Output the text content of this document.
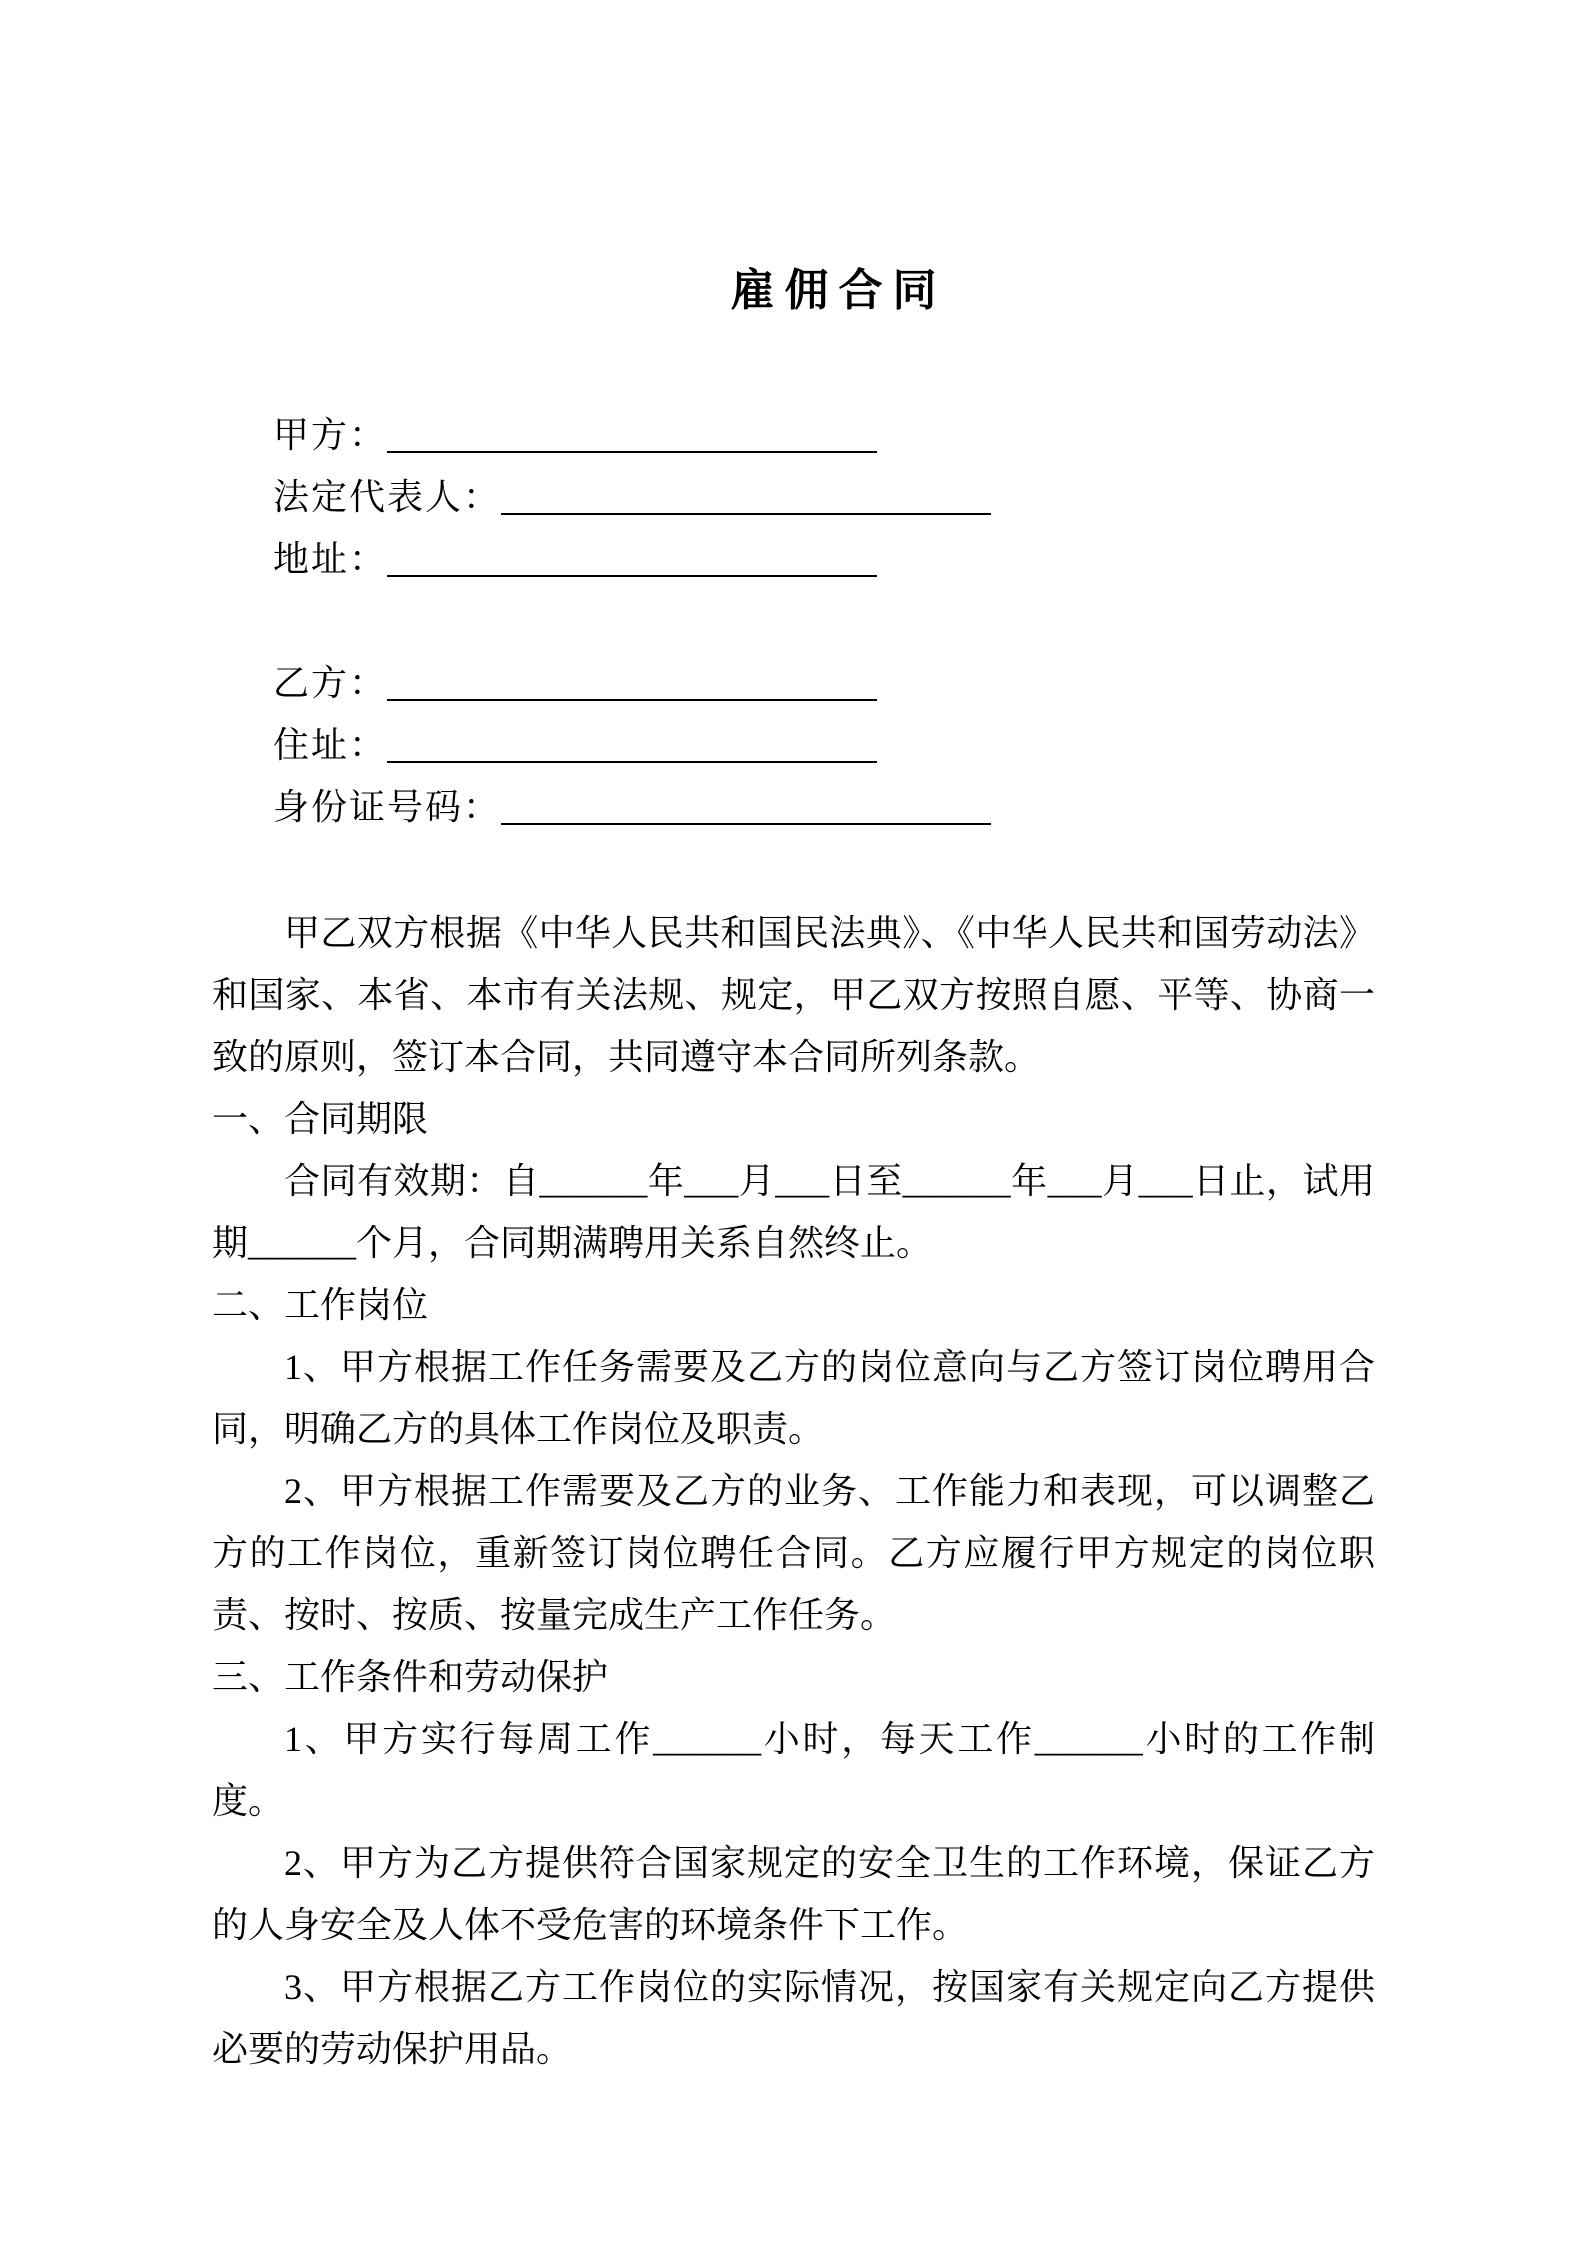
雇佣合同
甲方：
法定代表人：
地址：
乙方：
住址：
身份证号码：

甲乙双方根据《中华人民共和国民法典》、《中华人民共和国劳动法》和国家、本省、本市有关法规、规定，甲乙双方按照自愿、平等、协商一致的原则，签订本合同，共同遵守本合同所列条款。

一、合同期限

合同有效期：自______年___月___日至______年___月___日止，试用期______个月，合同期满聘用关系自然终止。

二、工作岗位

1、甲方根据工作任务需要及乙方的岗位意向与乙方签订岗位聘用合同，明确乙方的具体工作岗位及职责。

2、甲方根据工作需要及乙方的业务、工作能力和表现，可以调整乙方的工作岗位，重新签订岗位聘任合同。乙方应履行甲方规定的岗位职责、按时、按质、按量完成生产工作任务。

三、工作条件和劳动保护

1、甲方实行每周工作______小时，每天工作______小时的工作制度。

2、甲方为乙方提供符合国家规定的安全卫生的工作环境，保证乙方的人身安全及人体不受危害的环境条件下工作。

3、甲方根据乙方工作岗位的实际情况，按国家有关规定向乙方提供必要的劳动保护用品。
